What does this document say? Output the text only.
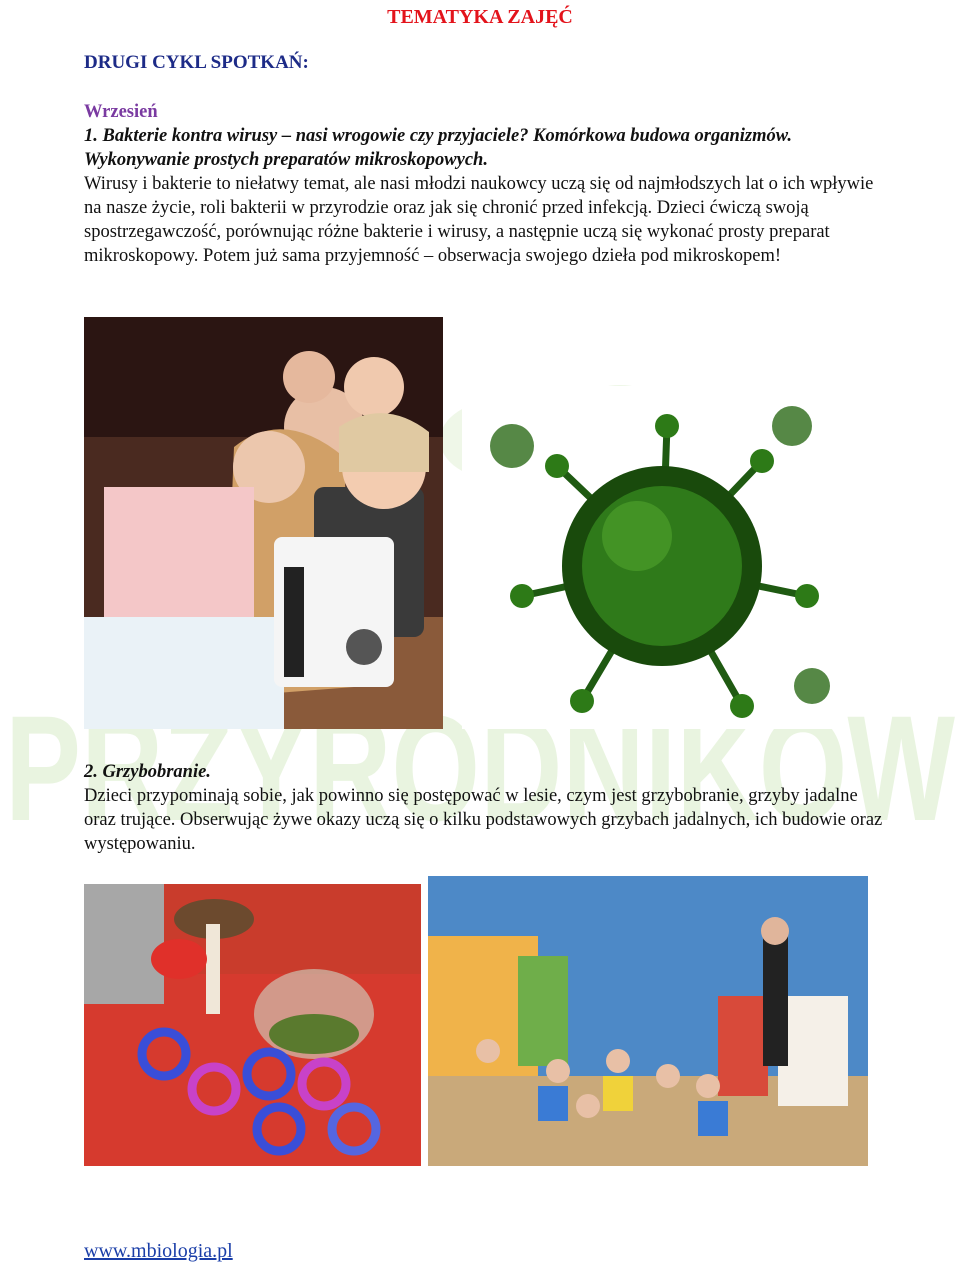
PRZYRODNIKÓW
TEMATYKA ZAJĘĆ
DRUGI CYKL SPOTKAŃ:
Wrzesień
1. Bakterie kontra wirusy – nasi wrogowie czy przyjaciele? Komórkowa budowa organizmów. Wykonywanie prostych preparatów mikroskopowych.
Wirusy i bakterie to niełatwy temat, ale nasi młodzi naukowcy uczą się od najmłodszych lat o ich wpływie na nasze życie, roli bakterii w przyrodzie oraz jak się chronić przed infekcją. Dzieci ćwiczą swoją spostrzegawczość, porównując różne bakterie i wirusy, a następnie uczą się wykonać prosty preparat mikroskopowy. Potem już sama przyjemność – obserwacja swojego dzieła pod mikroskopem!
2. Grzybobranie.
Dzieci przypominają sobie, jak powinno się postępować w lesie, czym jest grzybobranie, grzyby jadalne oraz trujące. Obserwując żywe okazy uczą się o kilku podstawowych grzybach jadalnych, ich budowie oraz występowaniu.
www.mbiologia.pl
